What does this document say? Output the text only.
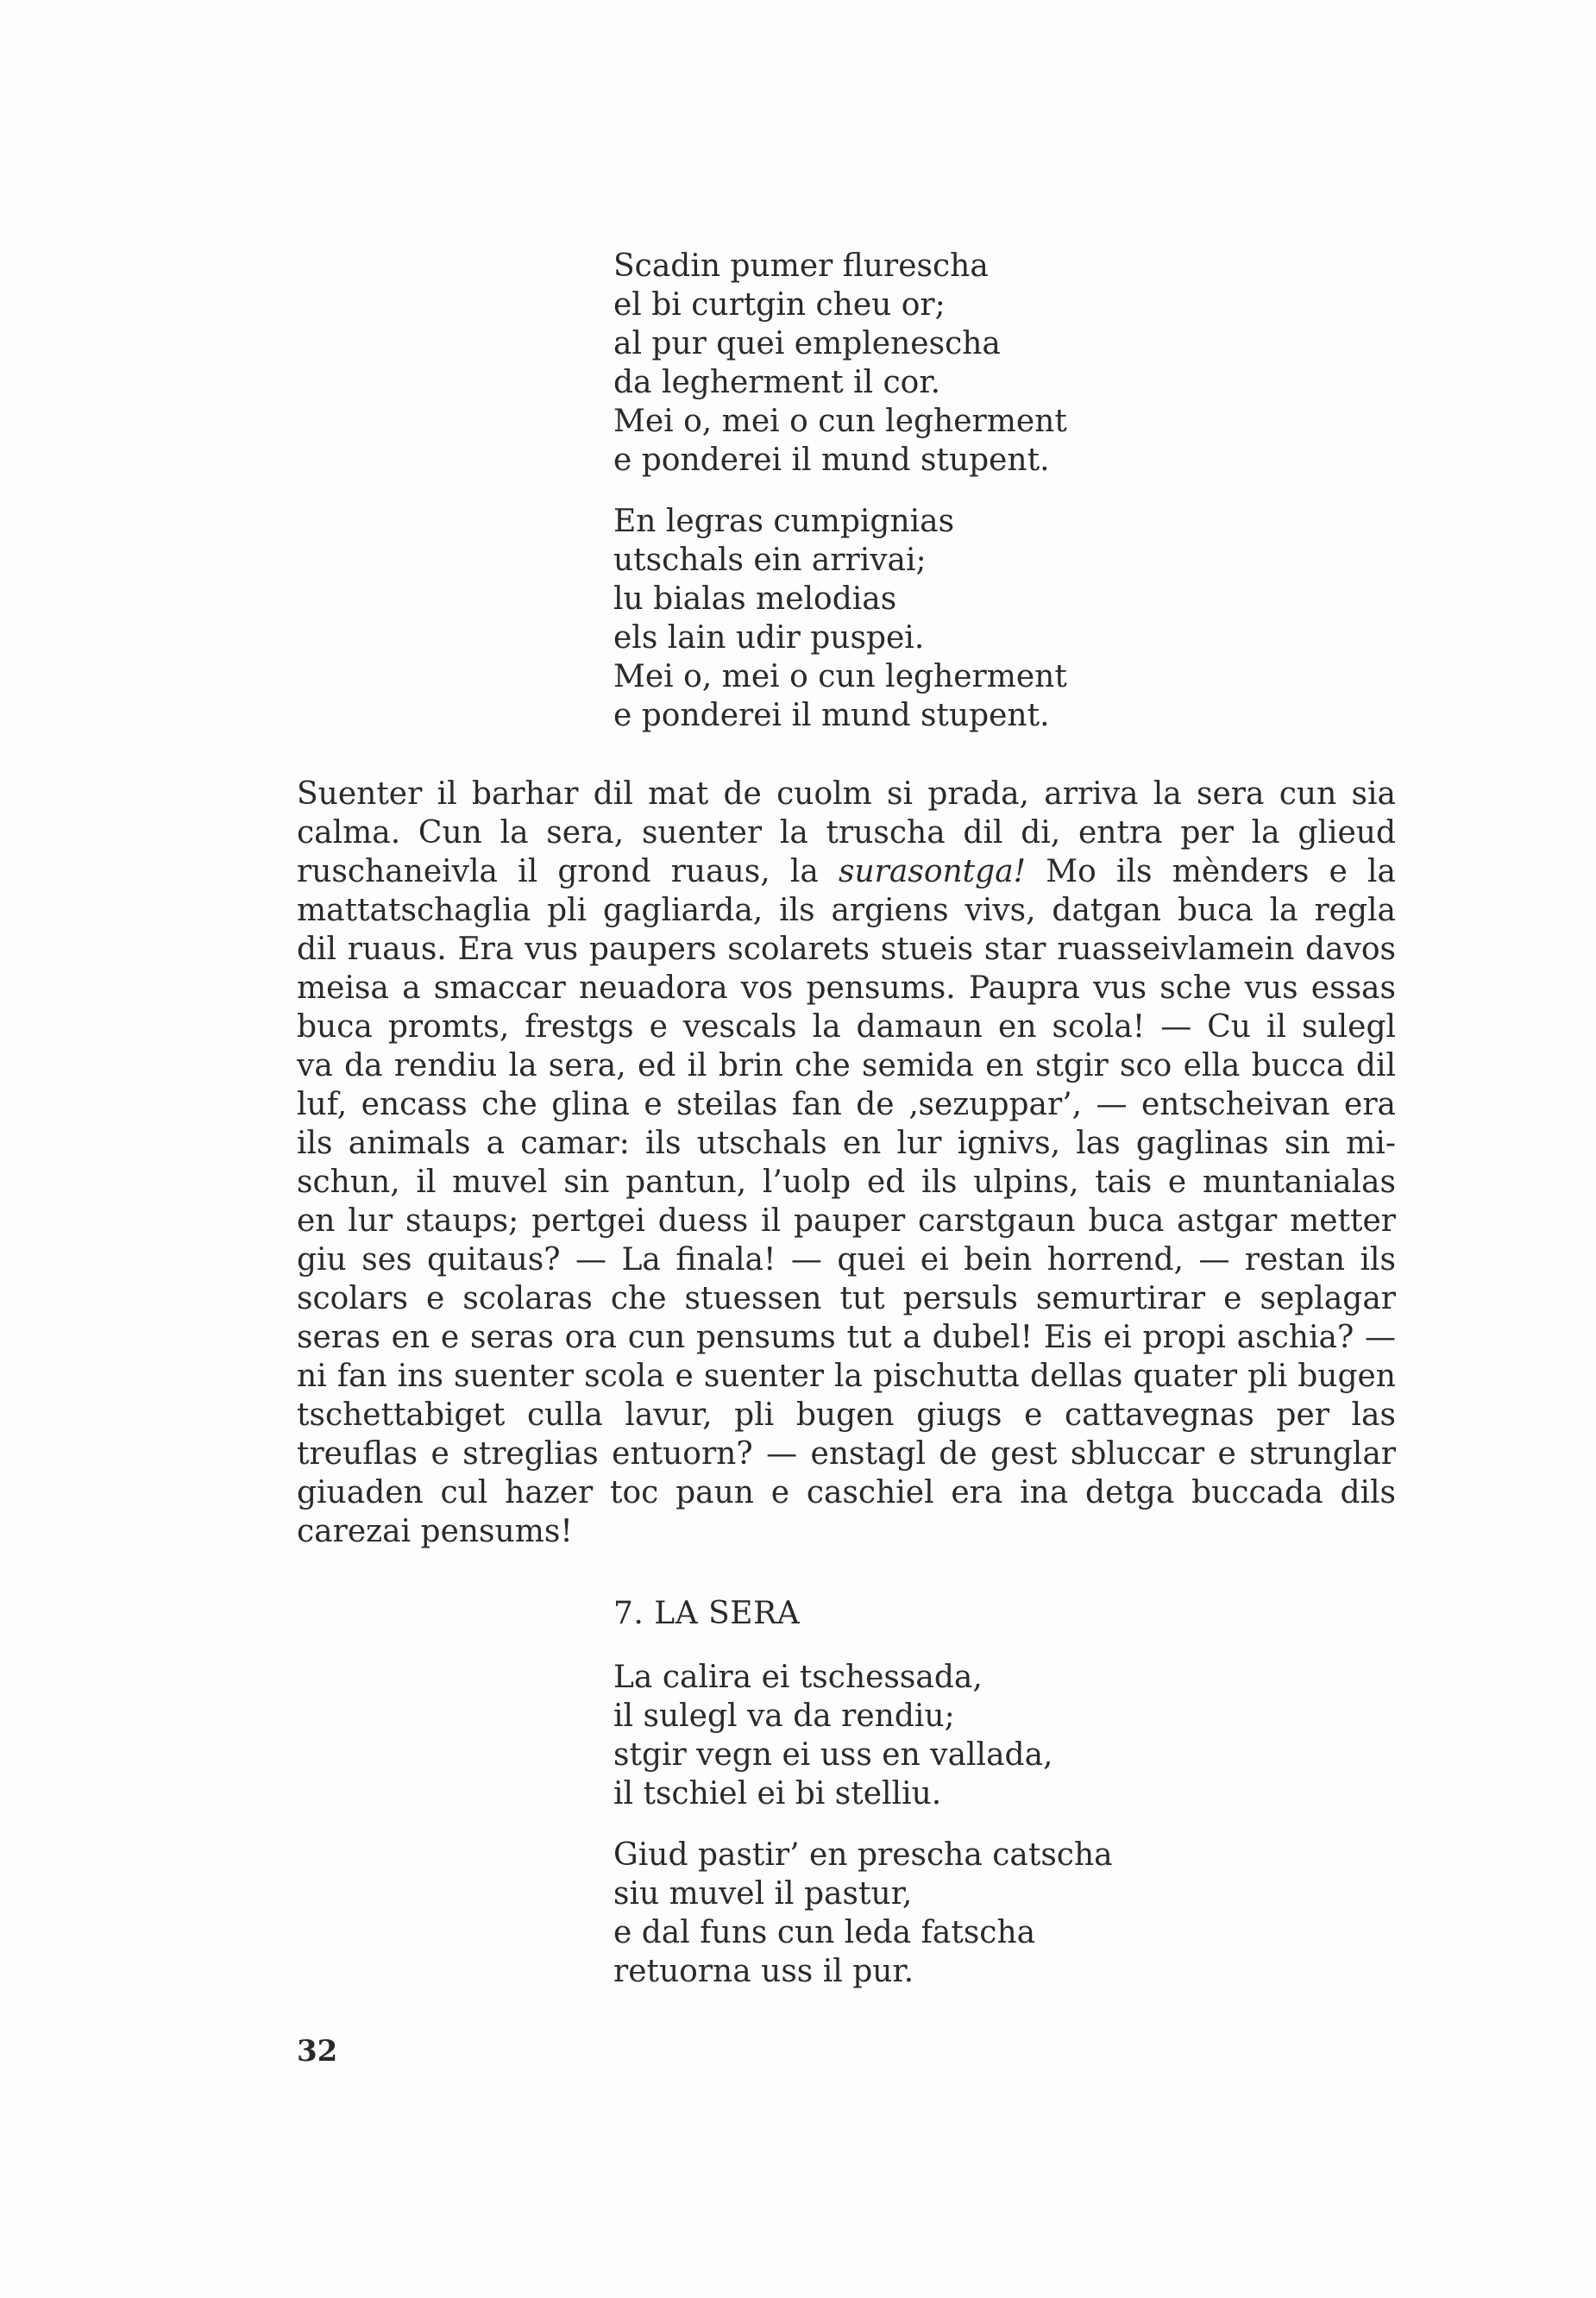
Scadin pumer flurescha
el bi curtgin cheu or;
al pur quei emplenescha
da legherment il cor.
Mei o, mei o cun legherment
e ponderei il mund stupent.
En legras cumpignias
utschals ein arrivai;
lu bialas melodias
els lain udir puspei.
Mei o, mei o cun legherment
e ponderei il mund stupent.
Suenter il barhar dil mat de cuolm si prada, arriva la sera cun sia
calma. Cun la sera, suenter la truscha dil di, entra per la glieud
ruschaneivla il grond ruaus, la surasontga! Mo ils mènders e la
mattatschaglia pli gagliarda, ils argiens vivs, datgan buca la regla
dil ruaus. Era vus paupers scolarets stueis star ruasseivlamein davos
meisa a smaccar neuadora vos pensums. Paupra vus sche vus essas
buca promts, frestgs e vescals la damaun en scola! — Cu il sulegl
va da rendiu la sera, ed il brin che semida en stgir sco ella bucca dil
luf, encass che glina e steilas fan de ‚sezuppar’, — entscheivan era
ils animals a camar: ils utschals en lur ignivs, las gaglinas sin mi-
schun, il muvel sin pantun, l’uolp ed ils ulpins, tais e muntanialas
en lur staups; pertgei duess il pauper carstgaun buca astgar metter
giu ses quitaus? — La finala! — quei ei bein horrend, — restan ils
scolars e scolaras che stuessen tut persuls semurtirar e seplagar
seras en e seras ora cun pensums tut a dubel! Eis ei propi aschia? —
ni fan ins suenter scola e suenter la pischutta dellas quater pli bugen
tschettabiget culla lavur, pli bugen giugs e cattavegnas per las
treuflas e streglias entuorn? — enstagl de gest sbluccar e strunglar
giuaden cul hazer toc paun e caschiel era ina detga buccada dils
carezai pensums!
7. LA SERA
La calira ei tschessada,
il sulegl va da rendiu;
stgir vegn ei uss en vallada,
il tschiel ei bi stelliu.
Giud pastir’ en prescha catscha
siu muvel il pastur,
e dal funs cun leda fatscha
retuorna uss il pur.
32
